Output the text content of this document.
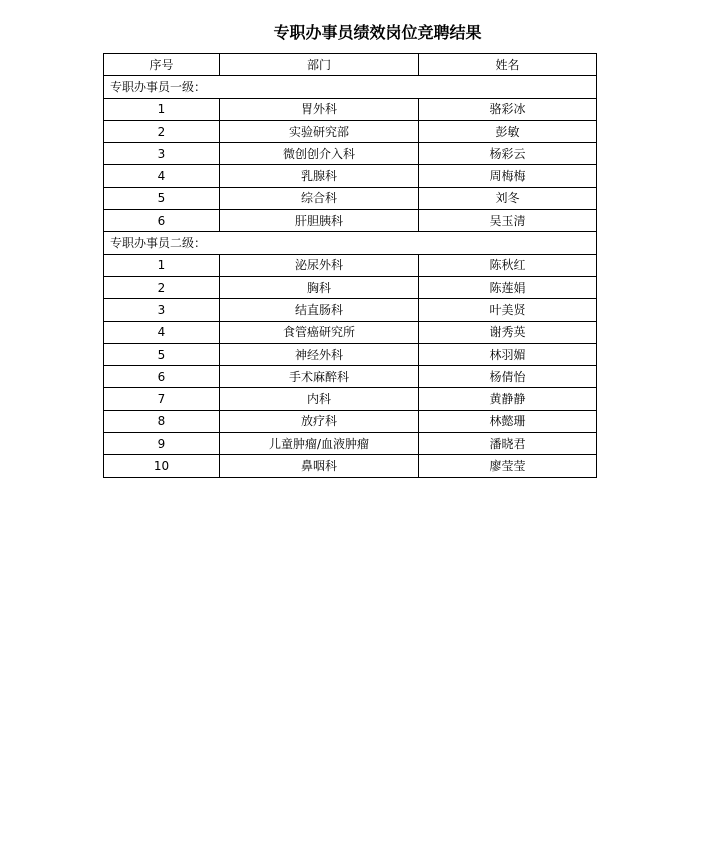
专职办事员绩效岗位竞聘结果
序号	部门	姓名
专职办事员一级：		
1	胃外科	骆彩冰
2	实验研究部	彭敏
3	微创创介入科	杨彩云
4	乳腺科	周梅梅
5	综合科	刘冬
6	肝胆胰科	吴玉清
专职办事员二级：		
1	泌尿外科	陈秋红
2	胸科	陈莲娟
3	结直肠科	叶美贤
4	食管癌研究所	谢秀英
5	神经外科	林羽媚
6	手术麻醉科	杨倩怡
7	内科	黄静静
8	放疗科	林懿珊
9	儿童肿瘤/血液肿瘤	潘晓君
10	鼻咽科	廖莹莹
